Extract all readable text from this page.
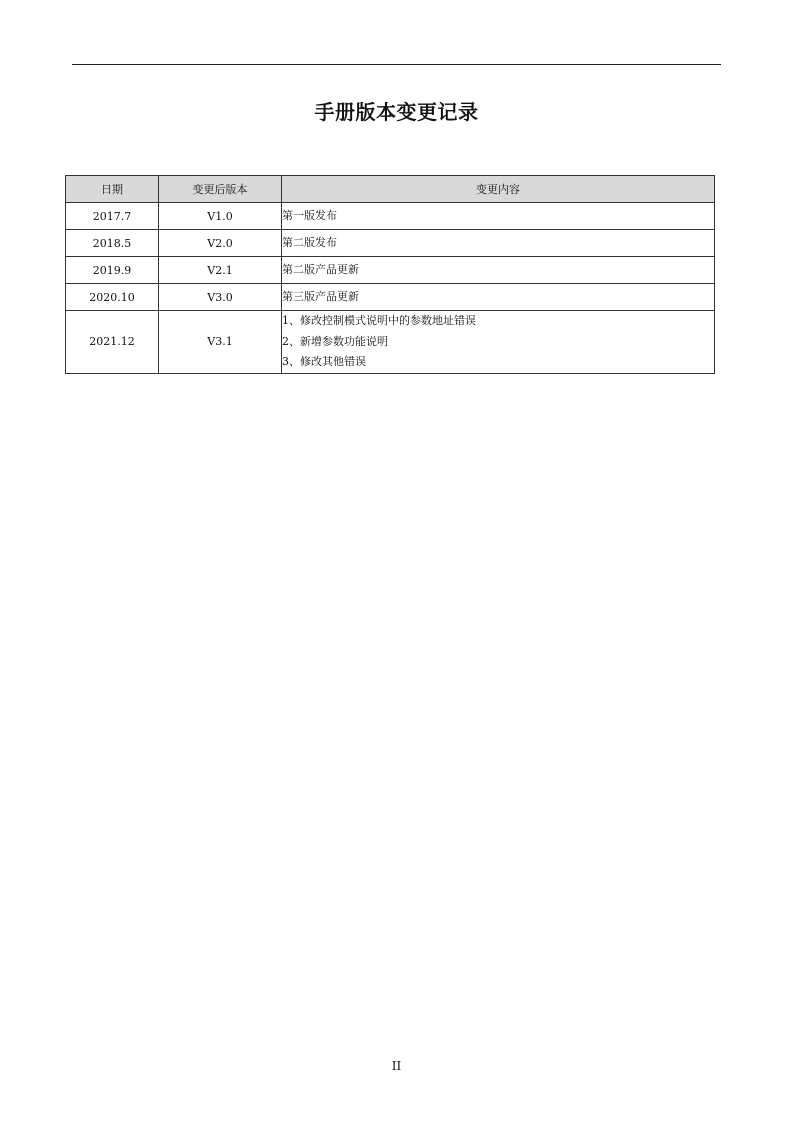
手册版本变更记录
日期	变更后版本	变更内容
2017.7	V1.0	第一版发布

2018.5	V2.0	第二版发布

2019.9	V2.1	第二版产品更新

2020.10	V3.0	第三版产品更新

2021.12	V3.1	1、修改控制模式说明中的参数地址错误
2、新增参数功能说明
3、修改其他错误
II
